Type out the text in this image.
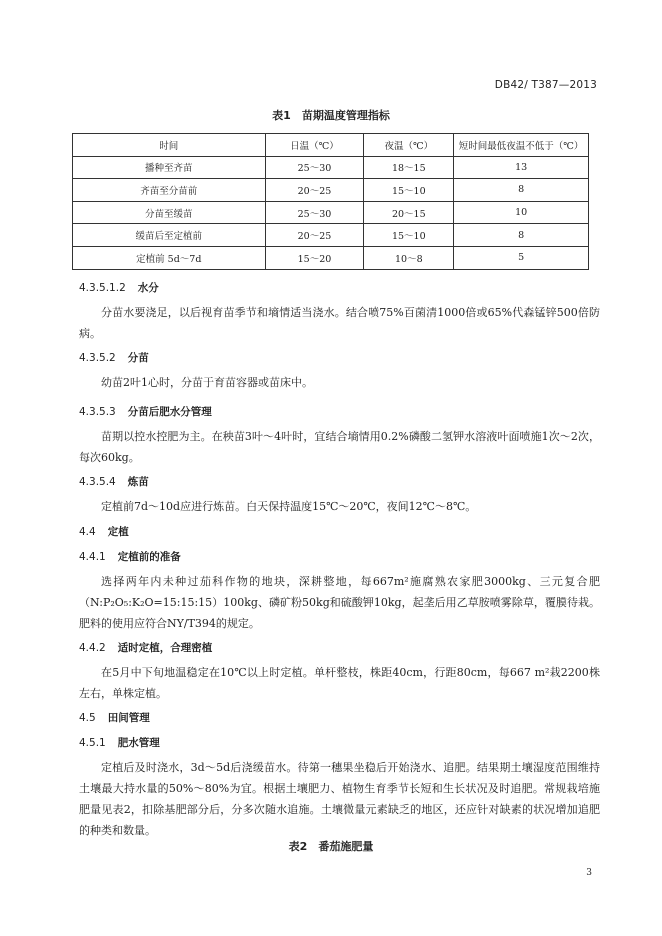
DB42/ T387—2013
表1　苗期温度管理指标
时间	日温（℃）	夜温（℃）	短时间最低夜温不低于（℃）
播种至齐苗	25～30	18～15	13
齐苗至分苗前	20～25	15～10	8
分苗至缓苗	25～30	20～15	10
缓苗后至定植前	20～25	15～10	8
定植前 5d～7d	15～20	10～8	5
4.3.5.1.2 水分
分苗水要浇足，以后视育苗季节和墒情适当浇水。结合喷75%百菌清1000倍或65%代森锰锌500倍防病。
4.3.5.2 分苗
幼苗2叶1心时，分苗于育苗容器或苗床中。
4.3.5.3 分苗后肥水分管理
苗期以控水控肥为主。在秧苗3叶～4叶时，宜结合墒情用0.2%磷酸二氢钾水溶液叶面喷施1次～2次，每次60kg。
4.3.5.4 炼苗
定植前7d～10d应进行炼苗。白天保持温度15℃～20℃，夜间12℃～8℃。
4.4 定植
4.4.1 定植前的准备
选择两年内未种过茄科作物的地块，深耕整地，每667m²施腐熟农家肥3000kg、三元复合肥（N:P₂O₅:K₂O=15:15:15）100kg、磷矿粉50kg和硫酸钾10kg，起垄后用乙草胺喷雾除草，覆膜待栽。肥料的使用应符合NY/T394的规定。
4.4.2 适时定植，合理密植
在5月中下旬地温稳定在10℃以上时定植。单杆整枝，株距40cm，行距80cm，每667 m²栽2200株左右，单株定植。
4.5 田间管理
4.5.1 肥水管理
定植后及时浇水，3d～5d后浇缓苗水。待第一穗果坐稳后开始浇水、追肥。结果期土壤湿度范围维持土壤最大持水量的50%～80%为宜。根据土壤肥力、植物生育季节长短和生长状况及时追肥。常规栽培施肥量见表2，扣除基肥部分后，分多次随水追施。土壤微量元素缺乏的地区，还应针对缺素的状况增加追肥的种类和数量。
表2　番茄施肥量
3
